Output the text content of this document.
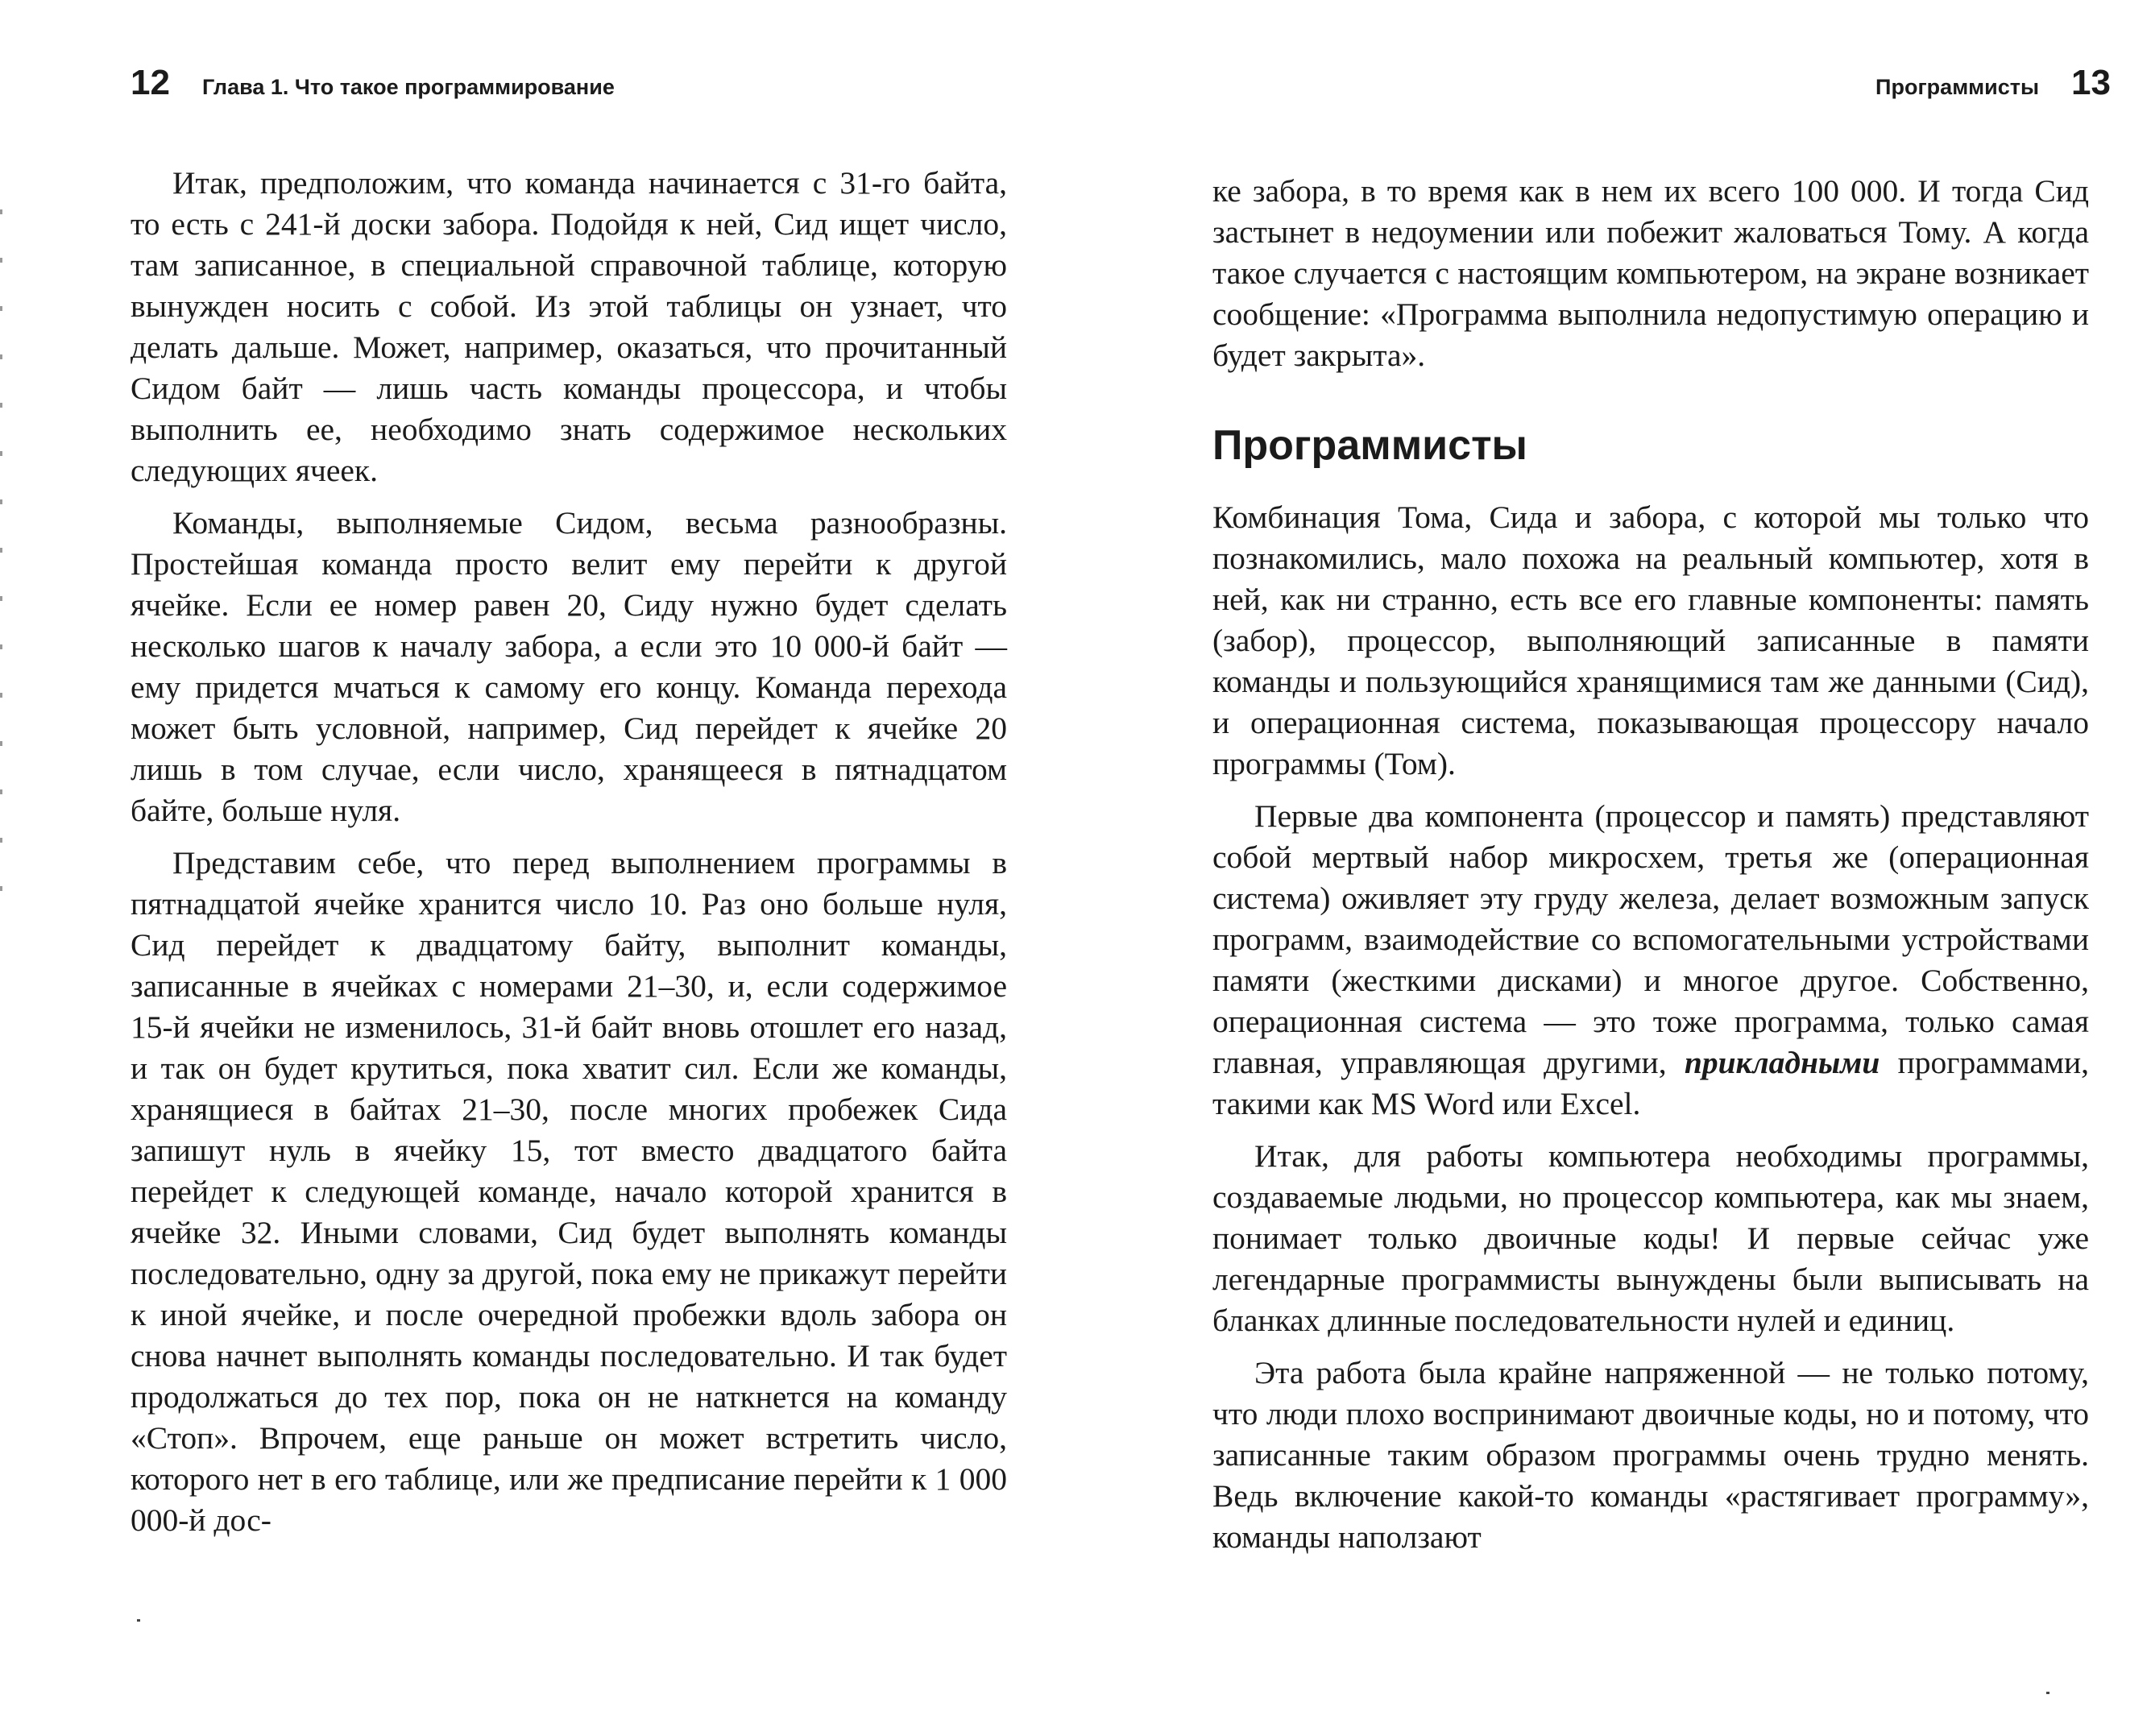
12 Глава 1. Что такое программирование

Итак, предположим, что команда начинается с 31-го байта, то есть с 241-й доски забора. Подойдя к ней, Сид ищет число, там записанное, в специальной справочной таблице, которую вынужден носить с собой. Из этой таблицы он узнает, что делать дальше. Может, например, оказаться, что прочитанный Сидом байт — лишь часть команды процессора, и чтобы выполнить ее, необходимо знать содержимое нескольких следующих ячеек.

Команды, выполняемые Сидом, весьма разнообразны. Простейшая команда просто велит ему перейти к другой ячейке. Если ее номер равен 20, Сиду нужно будет сделать несколько шагов к началу забора, а если это 10 000-й байт — ему придется мчаться к самому его концу. Команда перехода может быть условной, например, Сид перейдет к ячейке 20 лишь в том случае, если число, хранящееся в пятнадцатом байте, больше нуля.

Представим себе, что перед выполнением программы в пятнадцатой ячейке хранится число 10. Раз оно больше нуля, Сид перейдет к двадцатому байту, выполнит команды, записанные в ячейках с номерами 21–30, и, если содержимое 15-й ячейки не изменилось, 31-й байт вновь отошлет его назад, и так он будет крутиться, пока хватит сил. Если же команды, хранящиеся в байтах 21–30, после многих пробежек Сида запишут нуль в ячейку 15, тот вместо двадцатого байта перейдет к следующей команде, начало которой хранится в ячейке 32. Иными словами, Сид будет выполнять команды последовательно, одну за другой, пока ему не прикажут перейти к иной ячейке, и после очередной пробежки вдоль забора он снова начнет выполнять команды последовательно. И так будет продолжаться до тех пор, пока он не наткнется на команду «Стоп». Впрочем, еще раньше он может встретить число, которого нет в его таблице, или же предписание перейти к 1 000 000-й дос-

Программисты 13

ке забора, в то время как в нем их всего 100 000. И тогда Сид застынет в недоумении или побежит жаловаться Тому. А когда такое случается с настоящим компьютером, на экране возникает сообщение: «Программа выполнила недопустимую операцию и будет закрыта».

Программисты

Комбинация Тома, Сида и забора, с которой мы только что познакомились, мало похожа на реальный компьютер, хотя в ней, как ни странно, есть все его главные компоненты: память (забор), процессор, выполняющий записанные в памяти команды и пользующийся хранящимися там же данными (Сид), и операционная система, показывающая процессору начало программы (Том).

Первые два компонента (процессор и память) представляют собой мертвый набор микросхем, третья же (операционная система) оживляет эту груду железа, делает возможным запуск программ, взаимодействие со вспомогательными устройствами памяти (жесткими дисками) и многое другое. Собственно, операционная система — это тоже программа, только самая главная, управляющая другими, прикладными программами, такими как MS Word или Excel.

Итак, для работы компьютера необходимы программы, создаваемые людьми, но процессор компьютера, как мы знаем, понимает только двоичные коды! И первые сейчас уже легендарные программисты вынуждены были выписывать на бланках длинные последовательности нулей и единиц.

Эта работа была крайне напряженной — не только потому, что люди плохо воспринимают двоичные коды, но и потому, что записанные таким образом программы очень трудно менять. Ведь включение какой-то команды «растягивает программу», команды наползают
